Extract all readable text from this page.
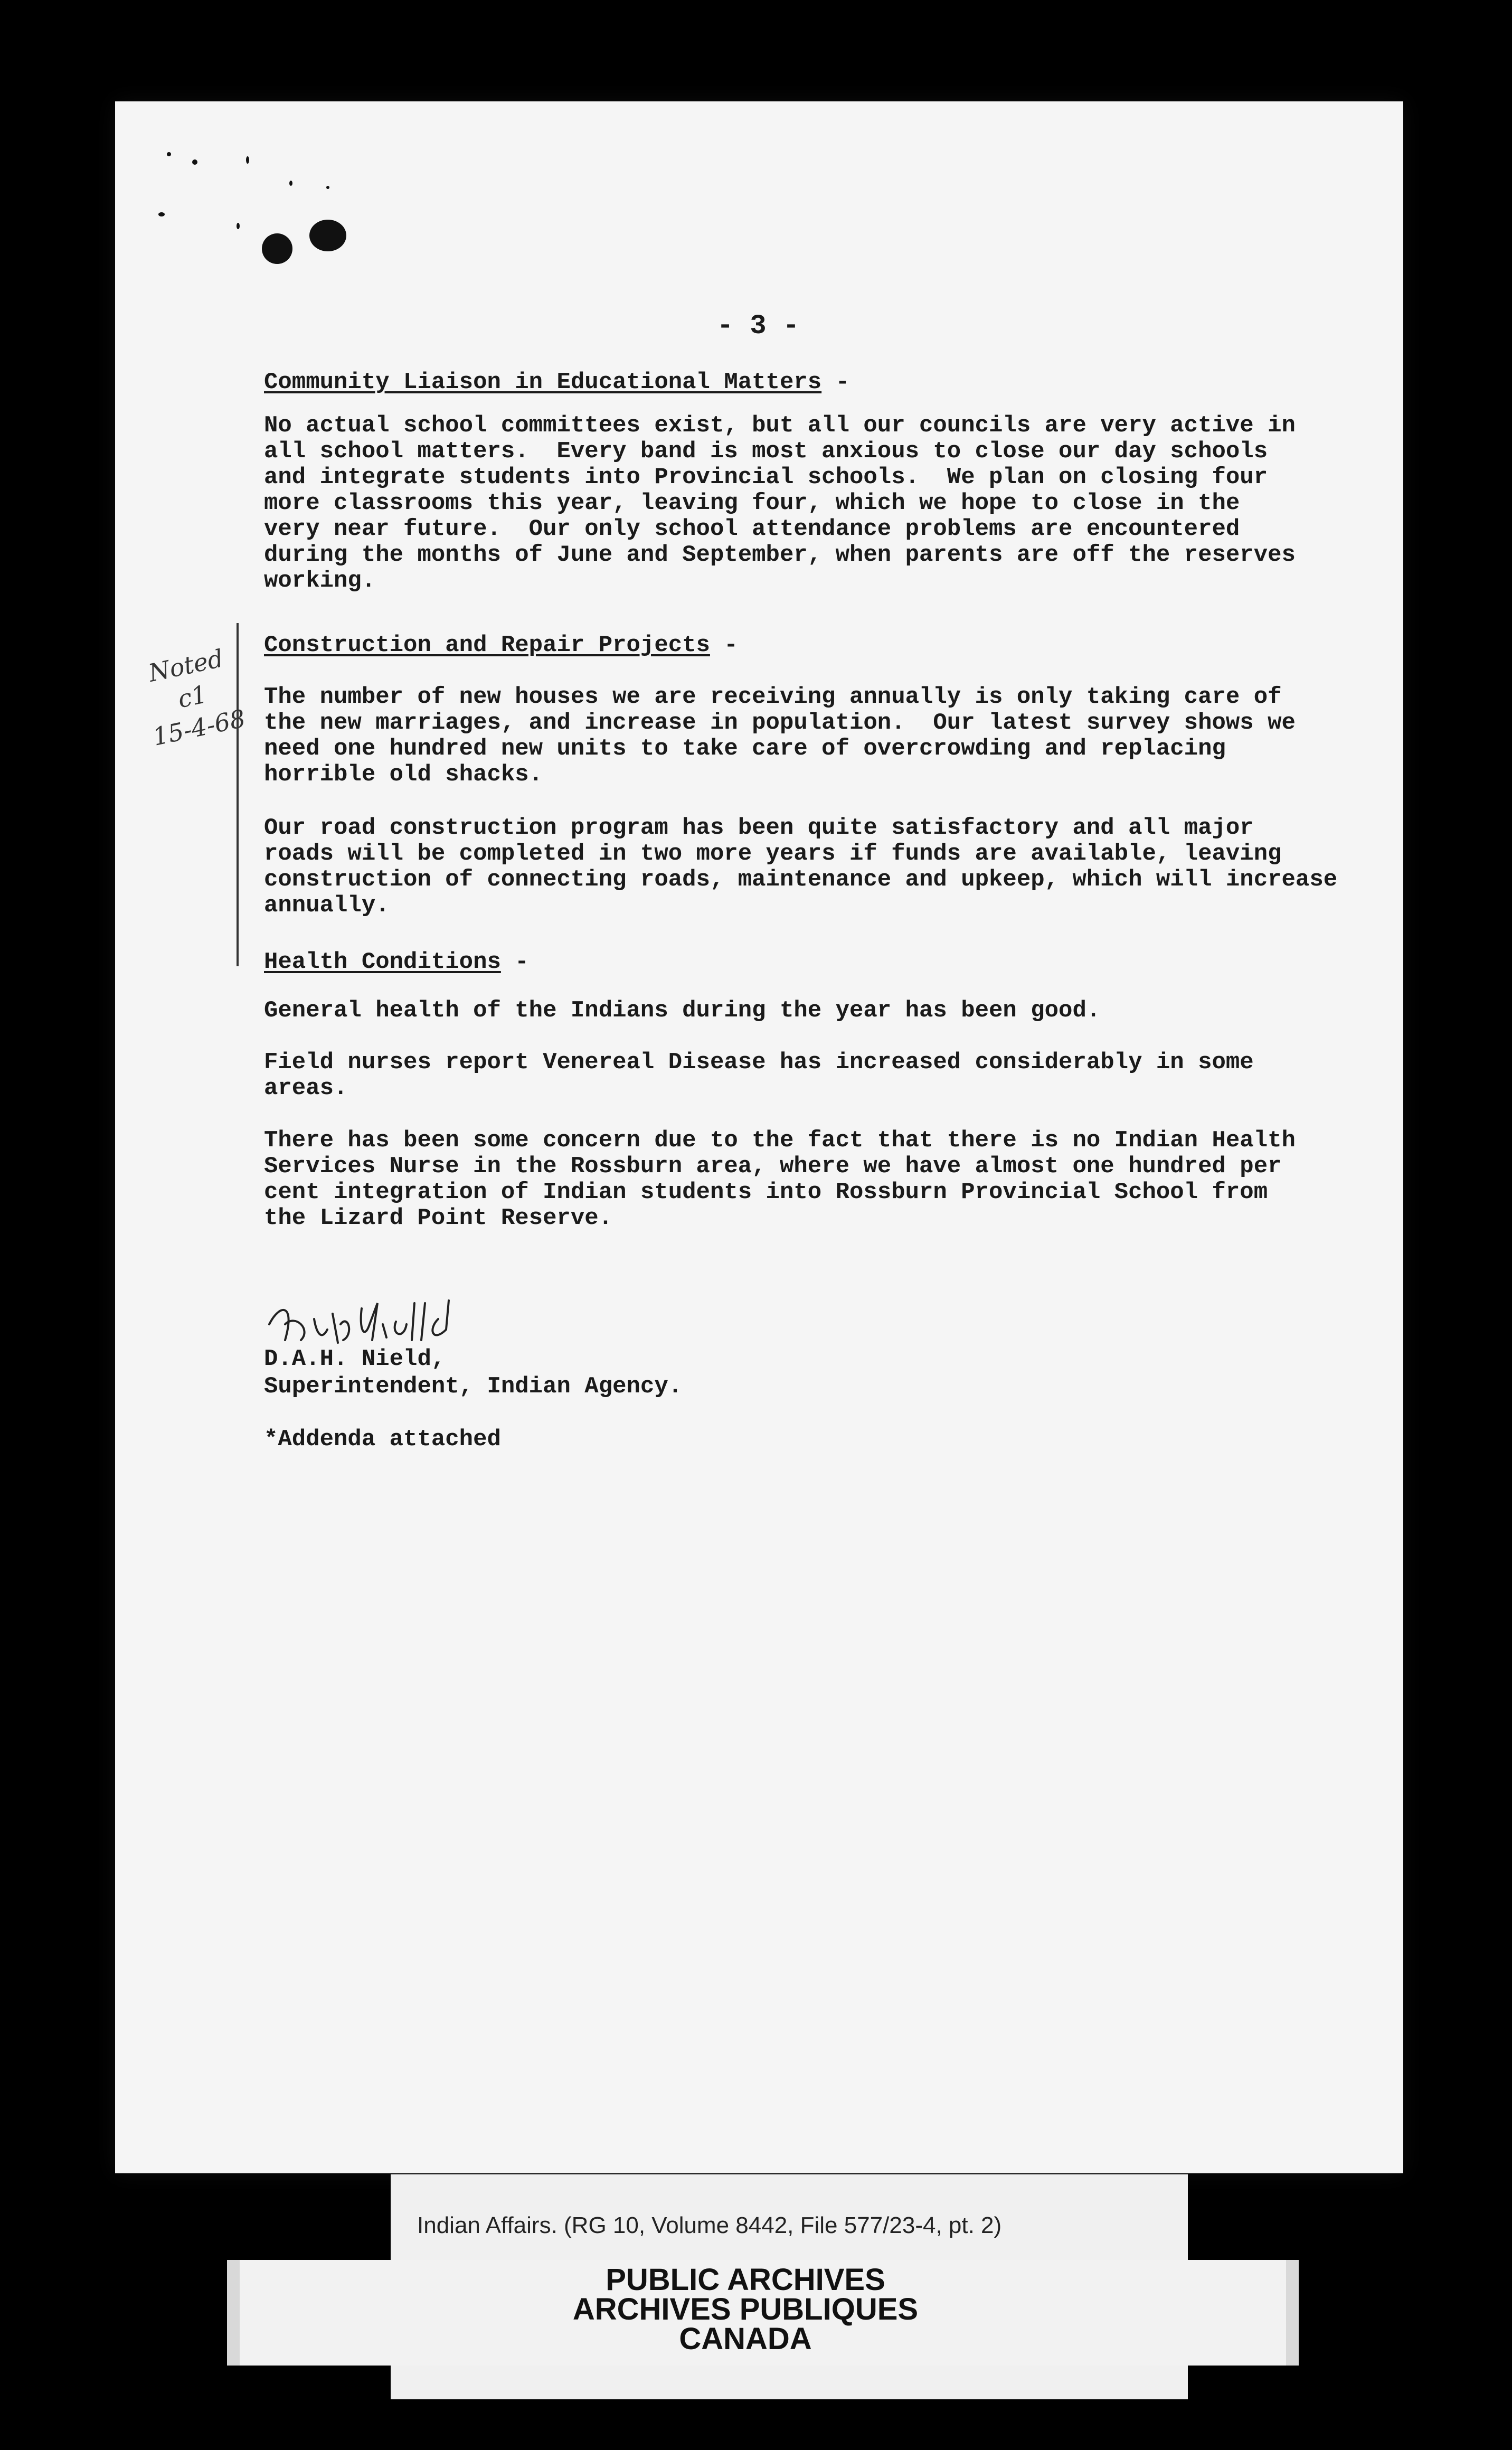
- 3 -
Community Liaison in Educational Matters -
No actual school committees exist, but all our councils are very active in
all school matters.  Every band is most anxious to close our day schools
and integrate students into Provincial schools.  We plan on closing four
more classrooms this year, leaving four, which we hope to close in the
very near future.  Our only school attendance problems are encountered
during the months of June and September, when parents are off the reserves
working.
Construction and Repair Projects -
The number of new houses we are receiving annually is only taking care of
the new marriages, and increase in population.  Our latest survey shows we
need one hundred new units to take care of overcrowding and replacing
horrible old shacks.
Our road construction program has been quite satisfactory and all major
roads will be completed in two more years if funds are available, leaving
construction of connecting roads, maintenance and upkeep, which will increase
annually.
Health Conditions -
General health of the Indians during the year has been good.
Field nurses report Venereal Disease has increased considerably in some
areas.
There has been some concern due to the fact that there is no Indian Health
Services Nurse in the Rossburn area, where we have almost one hundred per
cent integration of Indian students into Rossburn Provincial School from
the Lizard Point Reserve.
Noted
c1
15-4-68
D.A.H. Nield,
Superintendent, Indian Agency.
*Addenda attached
Indian Affairs. (RG 10, Volume 8442, File 577/23-4, pt. 2)
PUBLIC ARCHIVES
ARCHIVES PUBLIQUES
CANADA
